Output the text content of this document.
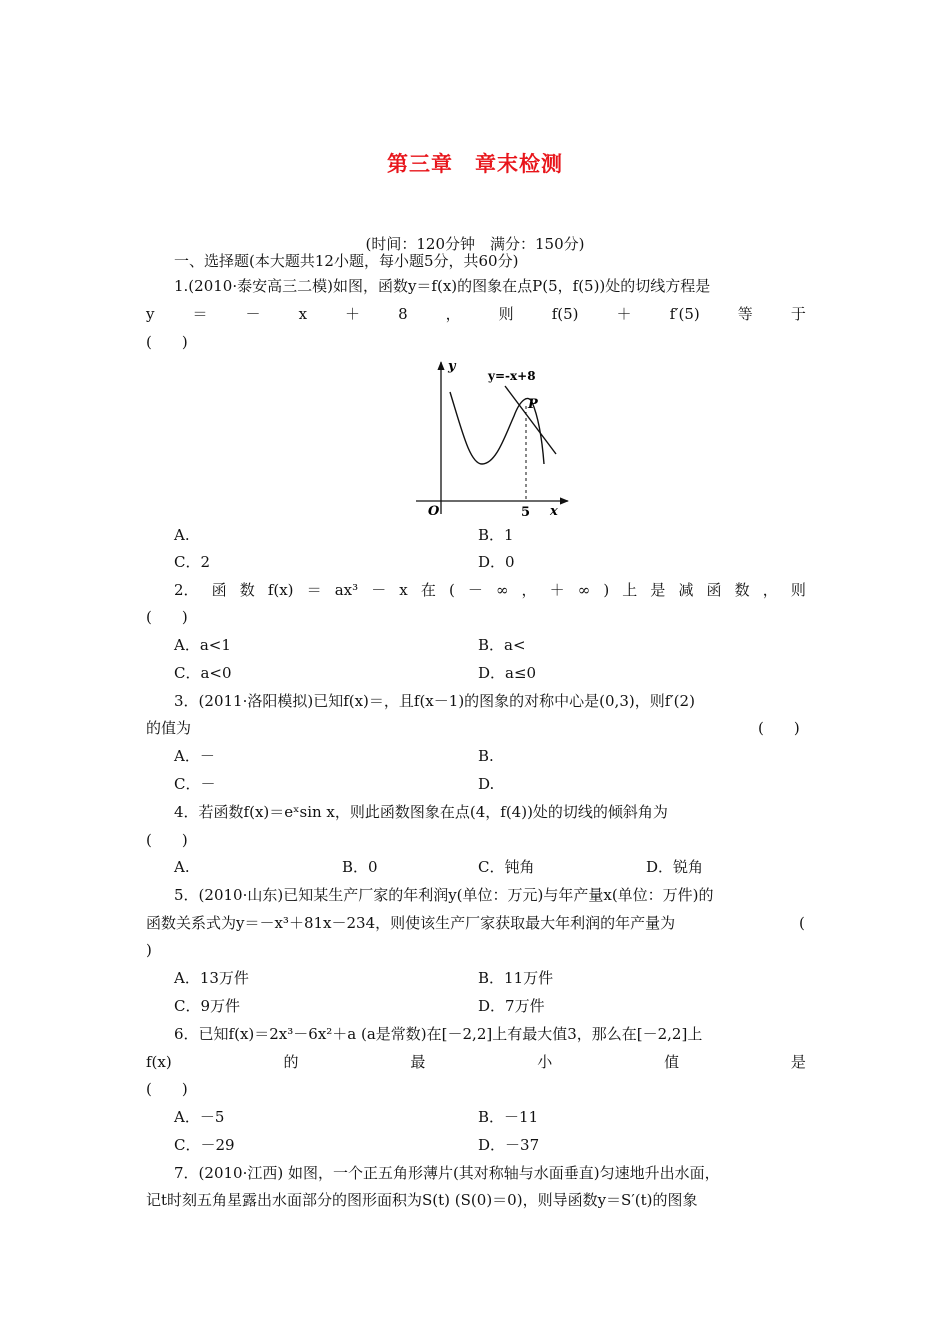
第三章　章末检测
(时间：120分钟　满分：150分)
一、选择题(本大题共12小题，每小题5分，共60分)
1.(2010·泰安高三二模)如图，函数y＝f(x)的图象在点P(5，f(5))处的切线方程是
y	＝	－	x	＋	8	，	则	f(5)	＋	f′(5)	等	于
(　　)
y
y=-x+8
P
O	5 x
A.	B．1
C．2	D．0
2． 函 数 f(x) ＝ ax³ － x 在 ( － ∞ ， ＋ ∞ ) 上 是 减 函 数 ， 则
(　　)
A．a<1	B．a<
C．a<0	D．a≤0
3．(2011·洛阳模拟)已知f(x)＝，且f(x－1)的图象的对称中心是(0,3)，则f′(2)
的值为	(　　)
A．－	B.
C．－	D.
4．若函数f(x)＝eˣsin x，则此函数图象在点(4，f(4))处的切线的倾斜角为
(　　)
A.	B．0	C．钝角	D．锐角
5．(2010·山东)已知某生产厂家的年利润y(单位：万元)与年产量x(单位：万件)的
函数关系式为y＝－x³＋81x－234，则使该生产厂家获取最大年利润的年产量为	(
)
A．13万件	B．11万件
C．9万件	D．7万件
6．已知f(x)＝2x³－6x²＋a (a是常数)在[－2,2]上有最大值3，那么在[－2,2]上
f(x)	的	最	小	值	是
(　　)
A．－5	B．－11
C．－29	D．－37
7．(2010·江西) 如图，一个正五角形薄片(其对称轴与水面垂直)匀速地升出水面，
记t时刻五角星露出水面部分的图形面积为S(t) (S(0)＝0)，则导函数y＝S′(t)的图象
